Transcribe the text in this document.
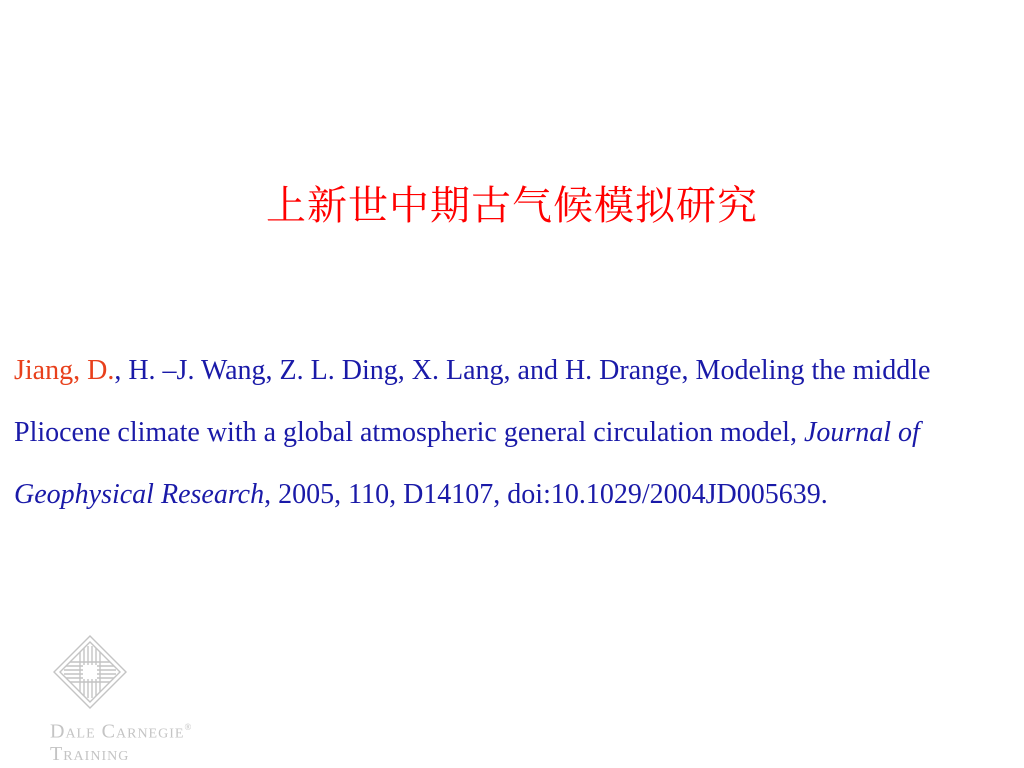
上新世中期古气候模拟研究
Jiang, D., H. –J. Wang, Z. L. Ding, X. Lang, and H. Drange, Modeling the middle Pliocene climate with a global atmospheric general circulation model, Journal of Geophysical Research, 2005, 110, D14107, doi:10.1029/2004JD005639.
Dale Carnegie®
Training
